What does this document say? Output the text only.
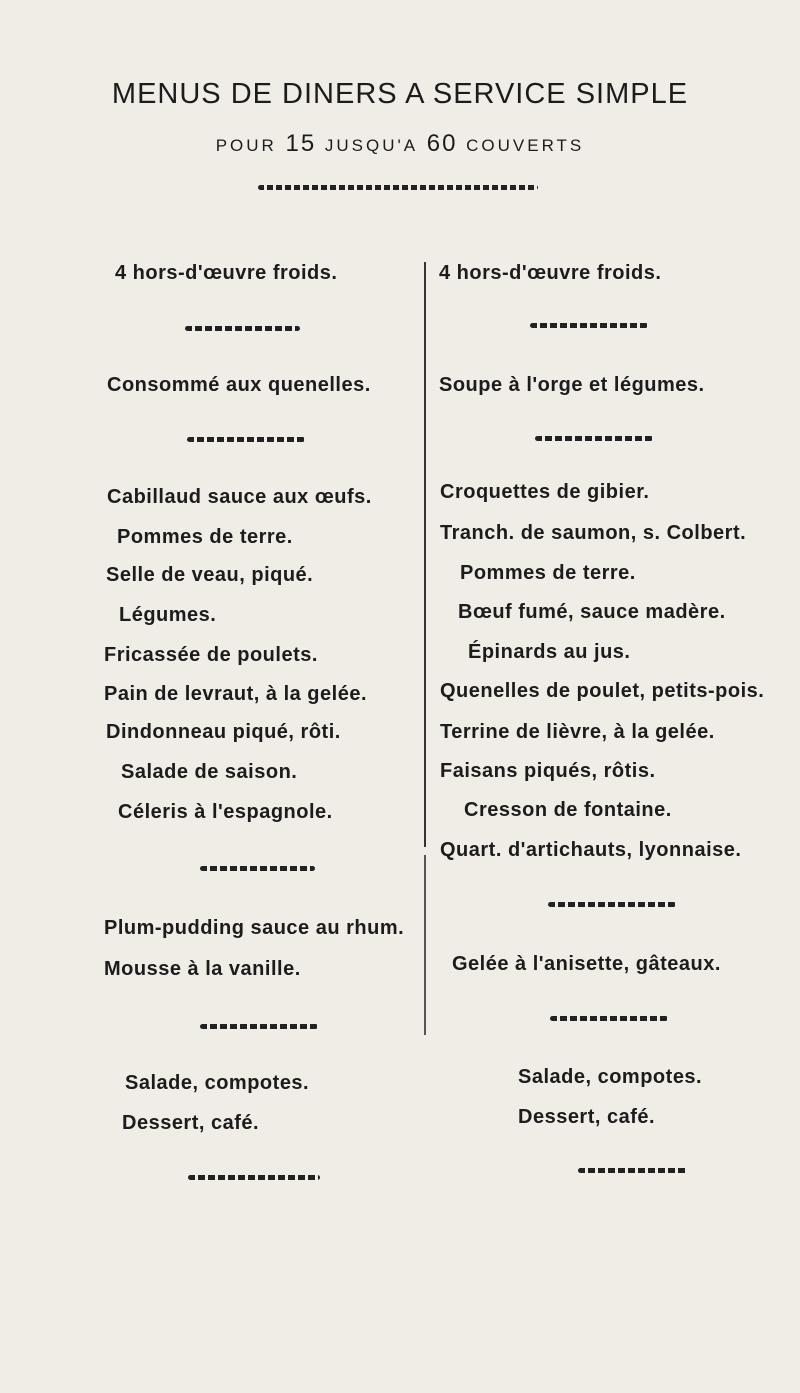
MENUS DE DINERS A SERVICE SIMPLE
POUR 15 JUSQU'A 60 COUVERTS
4 hors-d'œuvre froids.
Consommé aux quenelles.
Cabillaud sauce aux œufs.
Pommes de terre.
Selle de veau, piqué.
Légumes.
Fricassée de poulets.
Pain de levraut, à la gelée.
Dindonneau piqué, rôti.
Salade de saison.
Céleris à l'espagnole.
Plum-pudding sauce au rhum.
Mousse à la vanille.
Salade, compotes.
Dessert, café.
4 hors-d'œuvre froids.
Soupe à l'orge et légumes.
Croquettes de gibier.
Tranch. de saumon, s. Colbert.
Pommes de terre.
Bœuf fumé, sauce madère.
Épinards au jus.
Quenelles de poulet, petits-pois.
Terrine de lièvre, à la gelée.
Faisans piqués, rôtis.
Cresson de fontaine.
Quart. d'artichauts, lyonnaise.
Gelée à l'anisette, gâteaux.
Salade, compotes.
Dessert, café.
